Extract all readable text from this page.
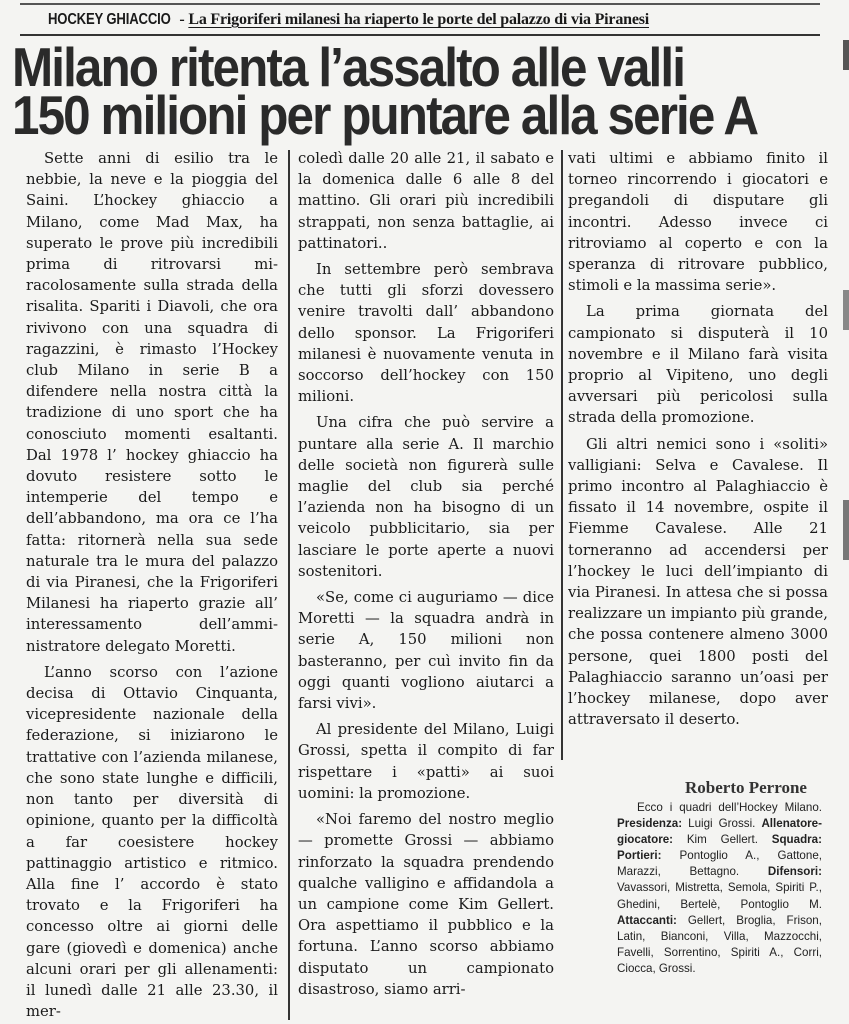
HOCKEY GHIACCIO - La Frigoriferi milanesi ha riaperto le porte del palazzo di via Piranesi
Milano ritenta l’assalto alle valli
150 milioni per puntare alla serie A

Sette anni di esilio tra le nebbie, la neve e la pioggia del Saini. L’hockey ghiaccio a Milano, come Mad Max, ha superato le prove più incredibili prima di ritrovarsi miracolosamente sulla strada della risalita. Spariti i Diavoli, che ora rivivono con una squadra di ragazzini, è rimasto l’Hockey club Milano in serie B a difendere nella nostra città la tradizione di uno sport che ha conosciuto momenti esaltanti. Dal 1978 l’ hockey ghiaccio ha dovuto resistere sotto le intemperie del tempo e dell’abbandono, ma ora ce l’ha fatta: ritornerà nella sua sede naturale tra le mura del palazzo di via Piranesi, che la Frigoriferi Milanesi ha riaperto grazie all’ interessamento dell’amministratore delegato Moretti.

L’anno scorso con l’azione decisa di Ottavio Cinquanta, vicepresidente nazionale della federazione, si iniziarono le trattative con l’azienda milanese, che sono state lunghe e difficili, non tanto per diversità di opinione, quanto per la difficoltà a far coesistere hockey pattinaggio artistico e ritmico. Alla fine l’ accordo è stato trovato e la Frigoriferi ha concesso oltre ai giorni delle gare (giovedì e domenica) anche alcuni orari per gli allenamenti: il lunedì dalle 21 alle 23.30, il mer-

coledì dalle 20 alle 21, il sabato e la domenica dalle 6 alle 8 del mattino. Gli orari più incredibili strappati, non senza battaglie, ai pattinatori..

In settembre però sembrava che tutti gli sforzi dovessero venire travolti dall’ abbandono dello sponsor. La Frigoriferi milanesi è nuovamente venuta in soccorso dell’hockey con 150 milioni.

Una cifra che può servire a puntare alla serie A. Il marchio delle società non figurerà sulle maglie del club sia perché l’azienda non ha bisogno di un veicolo pubblicitario, sia per lasciare le porte aperte a nuovi sostenitori.

«Se, come ci auguriamo — dice Moretti — la squadra andrà in serie A, 150 milioni non basteranno, per cuì invito fin da oggi quanti vogliono aiutarci a farsi vivi».

Al presidente del Milano, Luigi Grossi, spetta il compito di far rispettare i «patti» ai suoi uomini: la promozione.

«Noi faremo del nostro meglio — promette Grossi — abbiamo rinforzato la squadra prendendo qualche valligino e affidandola a un campione come Kim Gellert. Ora aspettiamo il pubblico e la fortuna. L’anno scorso abbiamo disputato un campionato disastroso, siamo arri-

vati ultimi e abbiamo finito il torneo rincorrendo i giocatori e pregandoli di disputare gli incontri. Adesso invece ci ritroviamo al coperto e con la speranza di ritrovare pubblico, stimoli e la massima serie».

La prima giornata del campionato si disputerà il 10 novembre e il Milano farà visita proprio al Vipiteno, uno degli avversari più pericolosi sulla strada della promozione.

Gli altri nemici sono i «soliti» valligiani: Selva e Cavalese. Il primo incontro al Palaghiaccio è fissato il 14 novembre, ospite il Fiemme Cavalese. Alle 21 torneranno ad accendersi per l’hockey le luci dell’impianto di via Piranesi. In attesa che si possa realizzare un impianto più grande, che possa contenere almeno 3000 persone, quei 1800 posti del Palaghiaccio saranno un’oasi per l’hockey milanese, dopo aver attraversato il deserto.

Roberto Perrone

Ecco i quadri dell’Hockey Milano. Presidenza: Luigi Grossi. Allenatore-giocatore: Kim Gellert. Squadra: Portieri: Pontoglio A., Gattone, Marazzi, Bettagno. Difensori: Vavassori, Mistretta, Semola, Spiriti P., Ghedini, Bertelè, Pontoglio M. Attaccanti: Gellert, Broglia, Frison, Latin, Bianconi, Villa, Mazzocchi, Favelli, Sorrentino, Spiriti A., Corri, Ciocca, Grossi.
